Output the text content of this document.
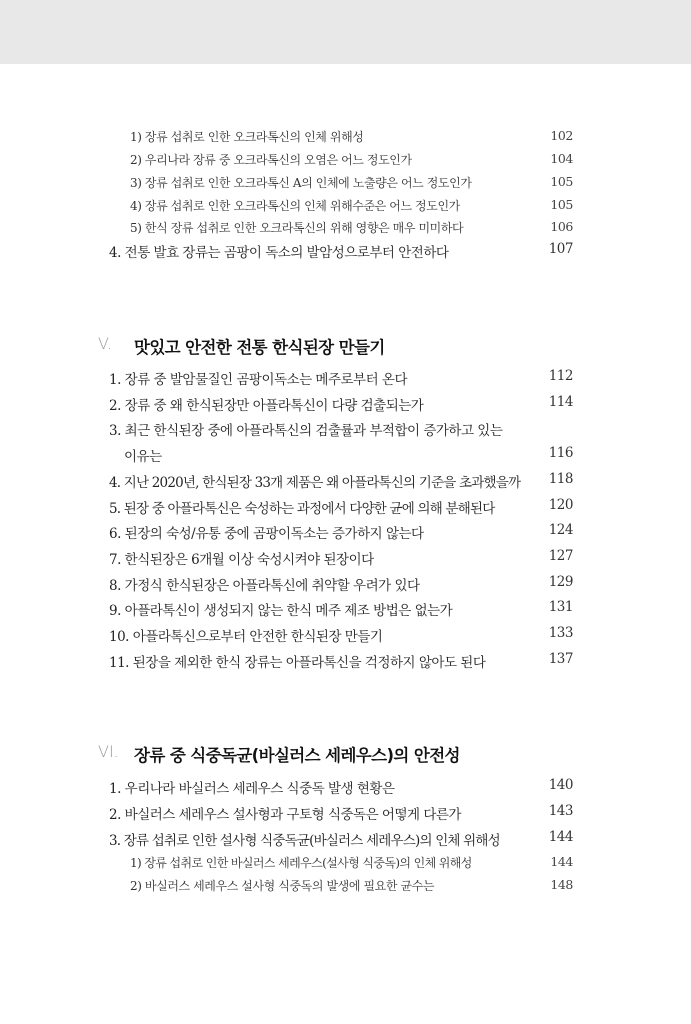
1) 장류 섭취로 인한 오크라톡신의 인체 위해성	102
2) 우리나라 장류 중 오크라톡신의 오염은 어느 정도인가	104
3) 장류 섭취로 인한 오크라톡신 A의 인체에 노출량은 어느 정도인가	105
4) 장류 섭취로 인한 오크라톡신의 인체 위해수준은 어느 정도인가	105
5) 한식 장류 섭취로 인한 오크라톡신의 위해 영향은 매우 미미하다	106
4. 전통 발효 장류는 곰팡이 독소의 발암성으로부터 안전하다	107
V. 맛있고 안전한 전통 한식된장 만들기
1. 장류 중 발암물질인 곰팡이독소는 메주로부터 온다	112
2. 장류 중 왜 한식된장만 아플라톡신이 다량 검출되는가	114
3. 최근 한식된장 중에 아플라톡신의 검출률과 부적합이 증가하고 있는
이유는	116
4. 지난 2020년, 한식된장 33개 제품은 왜 아플라톡신의 기준을 초과했을까 118
5. 된장 중 아플라톡신은 숙성하는 과정에서 다양한 균에 의해 분해된다	120
6. 된장의 숙성/유통 중에 곰팡이독소는 증가하지 않는다	124
7. 한식된장은 6개월 이상 숙성시켜야 된장이다	127
8. 가정식 한식된장은 아플라톡신에 취약할 우려가 있다	129
9. 아플라톡신이 생성되지 않는 한식 메주 제조 방법은 없는가	131
10. 아플라톡신으로부터 안전한 한식된장 만들기	133
11. 된장을 제외한 한식 장류는 아플라톡신을 걱정하지 않아도 된다	137
VI. 장류 중 식중독균(바실러스 세레우스)의 안전성
1. 우리나라 바실러스 세레우스 식중독 발생 현황은	140
2. 바실러스 세레우스 설사형과 구토형 식중독은 어떻게 다른가	143
3. 장류 섭취로 인한 설사형 식중독균(바실러스 세레우스)의 인체 위해성	144
1) 장류 섭취로 인한 바실러스 세레우스(설사형 식중독)의 인체 위해성	144
2) 바실러스 세레우스 설사형 식중독의 발생에 필요한 균수는	148
